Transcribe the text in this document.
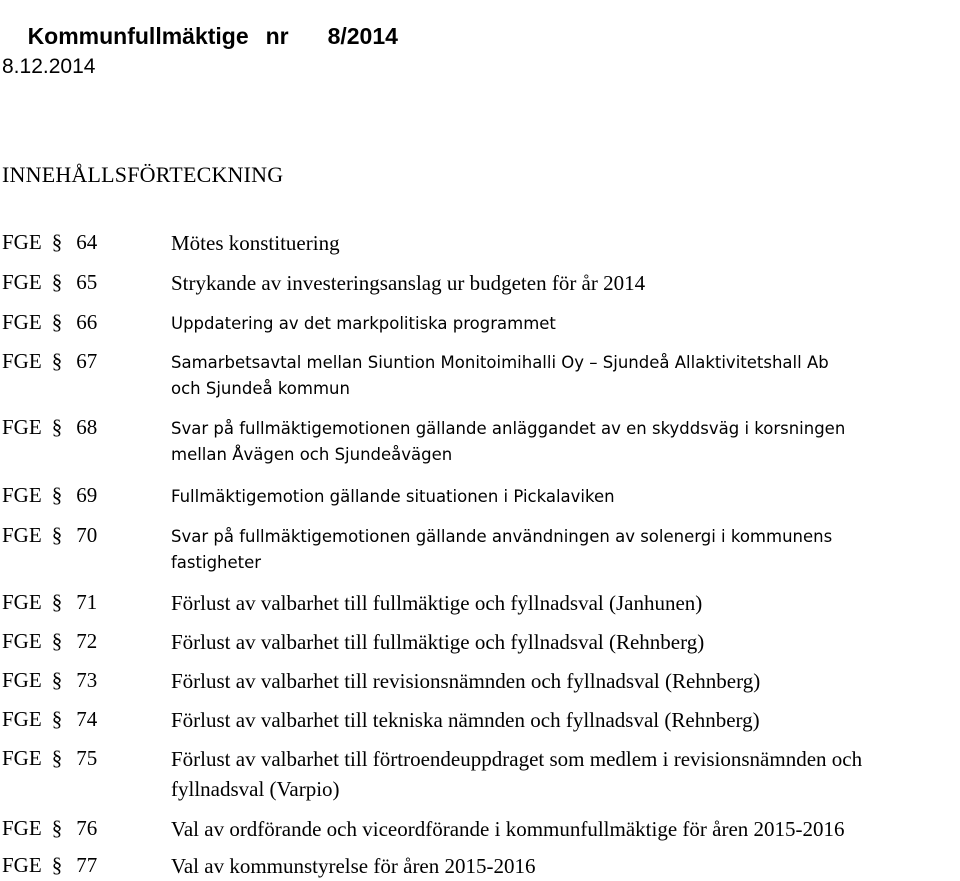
Kommunfullmäktige nr 8/2014

8.12.2014
INNEHÅLLSFÖRTECKNING
FGE § 64	Mötes konstituering
FGE § 65	Strykande av investeringsanslag ur budgeten för år 2014
FGE § 66	Uppdatering av det markpolitiska programmet
FGE § 67	Samarbetsavtal mellan Siuntion Monitoimihalli Oy – Sjundeå Allaktivitetshall Ab
och Sjundeå kommun
FGE § 68	Svar på fullmäktigemotionen gällande anläggandet av en skyddsväg i korsningen
mellan Åvägen och Sjundeåvägen
FGE § 69	Fullmäktigemotion gällande situationen i Pickalaviken
FGE § 70	Svar på fullmäktigemotionen gällande användningen av solenergi i kommunens
fastigheter
FGE § 71	Förlust av valbarhet till fullmäktige och fyllnadsval (Janhunen)
FGE § 72	Förlust av valbarhet till fullmäktige och fyllnadsval (Rehnberg)
FGE § 73	Förlust av valbarhet till revisionsnämnden och fyllnadsval (Rehnberg)
FGE § 74	Förlust av valbarhet till tekniska nämnden och fyllnadsval (Rehnberg)
FGE § 75	Förlust av valbarhet till förtroendeuppdraget som medlem i revisionsnämnden och
fyllnadsval (Varpio)
FGE § 76	Val av ordförande och viceordförande i kommunfullmäktige för åren 2015-2016
FGE § 77	Val av kommunstyrelse för åren 2015-2016
